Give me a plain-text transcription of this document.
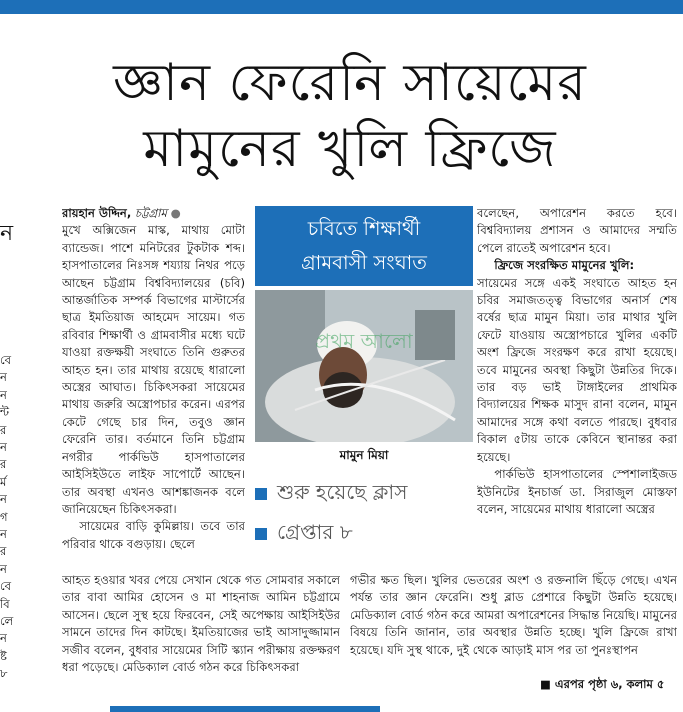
জ্ঞান ফেরেনি সায়েমের
মামুনের খুলি ফ্রিজে
ন
বে
ন
ন
ন্ট
র
ন
র
র্ম
ন
গ
ন
র
ন
বে
বি
লে
ন
ষ্ট
৮

রায়হান উদ্দিন, চট্টগ্রাম ●

মুখে অক্সিজেন মাস্ক, মাথায় মোটা ব্যান্ডেজ। পাশে মনিটরের টুকটাক শব্দ। হাসপাতালের নিঃসঙ্গ শয্যায় নিথর পড়ে আছেন চট্টগ্রাম বিশ্ববিদ্যালয়ের (চবি) আন্তর্জাতিক সম্পর্ক বিভাগের মাস্টার্সের ছাত্র ইমতিয়াজ আহমেদ সায়েম। গত রবিবার শিক্ষার্থী ও গ্রামবাসীর মধ্যে ঘটে যাওয়া রক্তক্ষয়ী সংঘাতে তিনি গুরুতর আহত হন। তার মাথায় রয়েছে ধারালো অস্ত্রের আঘাত। চিকিৎসকরা সায়েমের মাথায় জরুরি অস্ত্রোপচার করেন। এরপর কেটে গেছে চার দিন, তবুও জ্ঞান ফেরেনি তার। বর্তমানে তিনি চট্টগ্রাম নগরীর পার্কভিউ হাসপাতালের আইসিইউতে লাইফ সাপোর্টে আছেন। তার অবস্থা এখনও আশঙ্কাজনক বলে জানিয়েছেন চিকিৎসকরা।

সায়েমের বাড়ি কুমিল্লায়। তবে তার পরিবার থাকে বগুড়ায়। ছেলে

চবিতে শিক্ষার্থী
গ্রামবাসী সংঘাত
প্রথম আলো
মামুন মিয়া
শুরু হয়েছে ক্লাস
গ্রেপ্তার ৮

বলেছেন, অপারেশন করতে হবে। বিশ্ববিদ্যালয় প্রশাসন ও আমাদের সম্মতি পেলে রাতেই অপারেশন হবে।

ফ্রিজে সংরক্ষিত মামুনের খুলি:

সায়েমের সঙ্গে একই সংঘাতে আহত হন চবির সমাজতত্ত্ব বিভাগের অনার্স শেষ বর্ষের ছাত্র মামুন মিয়া। তার মাথার খুলি ফেটে যাওয়ায় অস্ত্রোপচারে খুলির একটি অংশ ফ্রিজে সংরক্ষণ করে রাখা হয়েছে। তবে মামুনের অবস্থা কিছুটা উন্নতির দিকে। তার বড় ভাই টাঙ্গাইলের প্রাথমিক বিদ্যালয়ের শিক্ষক মাসুদ রানা বলেন, মামুন আমাদের সঙ্গে কথা বলতে পারছে। বুধবার বিকাল ৫টায় তাকে কেবিনে স্থানান্তর করা হয়েছে।

পার্কভিউ হাসপাতালের স্পেশালাইজড ইউনিটের ইনচার্জ ডা. সিরাজুল মোস্তফা বলেন, সায়েমের মাথায় ধারালো অস্ত্রের

আহত হওয়ার খবর পেয়ে সেখান থেকে গত সোমবার সকালে তার বাবা আমির হোসেন ও মা শাহনাজ আমিন চট্টগ্রামে আসেন। ছেলে সুস্থ হয়ে ফিরবেন, সেই অপেক্ষায় আইসিইউর সামনে তাদের দিন কাটছে। ইমতিয়াজের ভাই আসাদুজ্জামান সজীব বলেন, বুধবার সায়েমের সিটি স্ক্যান পরীক্ষায় রক্তক্ষরণ ধরা পড়েছে। মেডিক্যাল বোর্ড গঠন করে চিকিৎসকরা

গভীর ক্ষত ছিল। খুলির ভেতরের অংশ ও রক্তনালি ছিঁড়ে গেছে। এখন পর্যন্ত তার জ্ঞান ফেরেনি। শুধু ব্লাড প্রেশারে কিছুটা উন্নতি হয়েছে। মেডিক্যাল বোর্ড গঠন করে আমরা অপারেশনের সিদ্ধান্ত নিয়েছি। মামুনের বিষয়ে তিনি জানান, তার অবস্থার উন্নতি হচ্ছে। খুলি ফ্রিজে রাখা হয়েছে। যদি সুস্থ থাকে, দুই থেকে আড়াই মাস পর তা পুনঃস্থাপন

■ এরপর পৃষ্ঠা ৬, কলাম ৫
